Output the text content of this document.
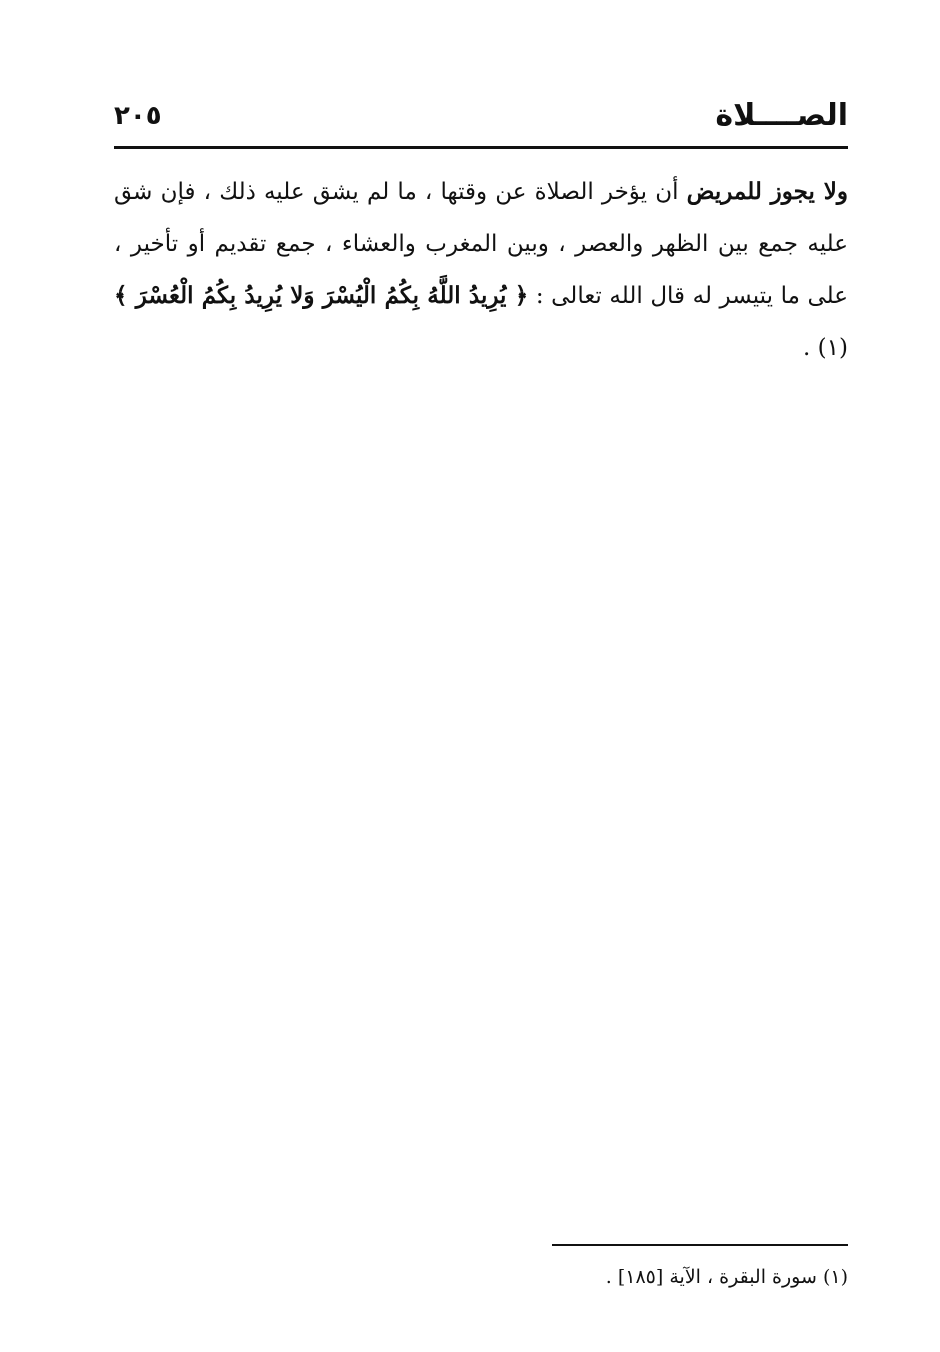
الصــــلاة
٢٠٥
ولا يجوز للمريض أن يؤخر الصلاة عن وقتها ، ما لم يشق عليه ذلك ، فإن شق عليه جمع بين الظهر والعصر ، وبين المغرب والعشاء ، جمع تقديم أو تأخير ، على ما يتيسر له قال الله تعالى : ﴿ يُرِيدُ اللَّهُ بِكُمُ الْيُسْرَ وَلا يُرِيدُ بِكُمُ الْعُسْرَ ﴾ (١) .
(١) سورة البقرة ، الآية [١٨٥] .
